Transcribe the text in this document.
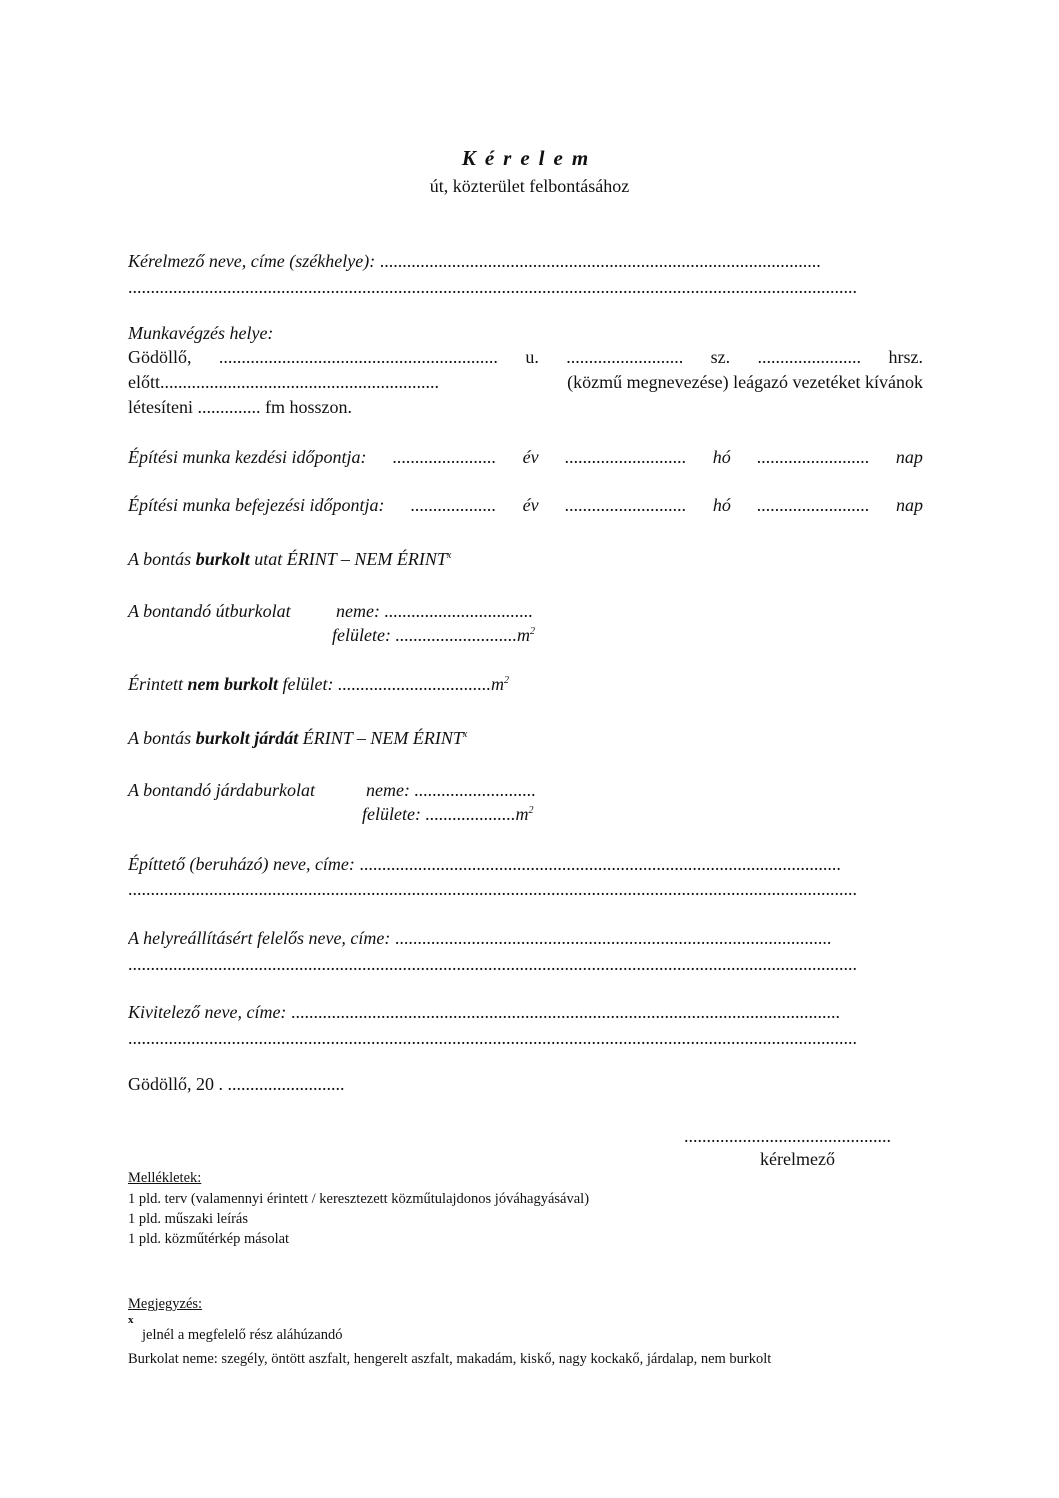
Kérelem
út, közterület felbontásához
Kérelmező neve, címe (székhelye): ..................................................................................................
..................................................................................................................................................................
Munkavégzés helye:
Gödöllő, .............................................................. u. .......................... sz. ....................... hrsz.
előtt..............................................................	(közmű megnevezése) leágazó vezetéket kívánok
létesíteni .............. fm hosszon.
Építési munka kezdési időpontja: ....................... év ........................... hó ......................... nap
Építési munka befejezési időpontja: ................... év ........................... hó ......................... nap
A bontás burkolt utat ÉRINT – NEM ÉRINT$^x$
A bontandó útburkolat	neme: .................................
felülete: $...........................m^2$
Érintett nem burkolt felület: $..................................m^2$
A bontás burkolt járdát ÉRINT – NEM ÉRINT$^x$
A bontandó járdaburkolat	neme: ...........................
felülete: $....................m^2$
Építtető (beruházó) neve, címe: ...........................................................................................................
..................................................................................................................................................................
A helyreállításért felelős neve, címe: .................................................................................................
..................................................................................................................................................................
Kivitelező neve, címe: ..........................................................................................................................
..................................................................................................................................................................
Gödöllő, 20 . ..........................
..............................................
kérelmező
Mellékletek:
1 pld. terv (valamennyi érintett / keresztezett közműtulajdonos jóváhagyásával)
1 pld. műszaki leírás
1 pld. közműtérkép másolat
Megjegyzés:
x
jelnél a megfelelő rész aláhúzandó
Burkolat neme: szegély, öntött aszfalt, hengerelt aszfalt, makadám, kiskő, nagy kockakő, járdalap, nem burkolt
